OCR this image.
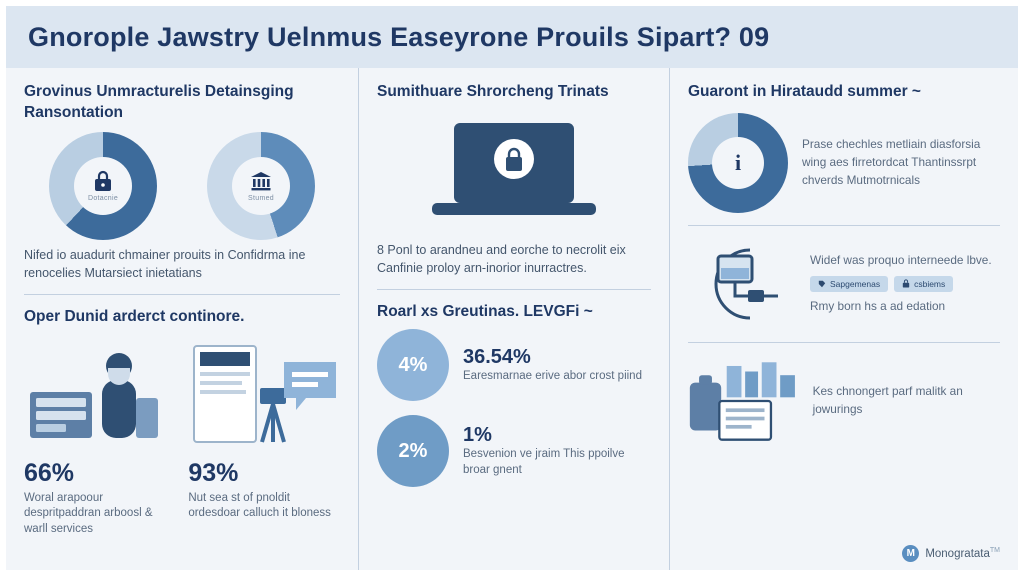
Gnorople Jawstry Uelnmus Easeyrone Prouils Sipart? 09
Grovinus Unmracturelis Detainsging Ransontation
Dotacnie	Stumed
Nifed io auadurit chmainer prouits in Confidrma ine renocelies Mutarsiect inietatians
Oper Dunid arderct continore.
66%
Woral arapoour despritpaddran arboosl & warll services
93%
Nut sea st of pnoldit ordesdoar calluch it bloness
Sumithuare Shrorcheng Trinats
8 Ponl to arandneu and eorche to necrolit eix Canfinie proloy arn-inorior inurractres.
Roarl xs Greutinas. LEVGFi ~
4%	36.54%
Earesmarnae erive abor crost piind
2%
1%
Besvenion ve jraim This ppoilve broar gnent
Guaront in Hirataudd summer ~
i
Prase chechles metliain diasforsia wing aes firretordcat Thantinssrpt chverds Mutmotrnicals
Widef was proquo interneede lbve.
Sapgemenas	csbiems
Rmy born hs a ad edation
Kes chnongert parf malitk an jowurings
M Monogratata™
